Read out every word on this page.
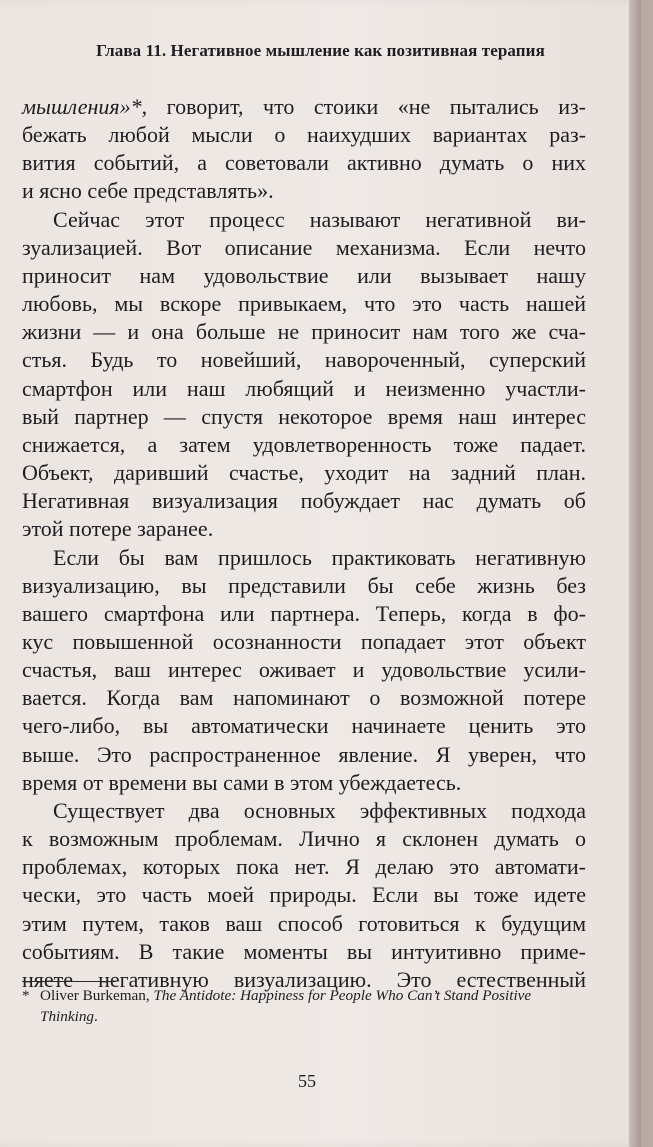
Глава 11. Негативное мышление как позитивная терапия

мышления»*, говорит, что стоики «не пытались из-

бежать любой мысли о наихудших вариантах раз-

вития событий, а советовали активно думать о них

и ясно себе представлять».

Сейчас этот процесс называют негативной ви-

зуализацией. Вот описание механизма. Если нечто

приносит нам удовольствие или вызывает нашу

любовь, мы вскоре привыкаем, что это часть нашей

жизни — и она больше не приносит нам того же сча-

стья. Будь то новейший, навороченный, суперский

смартфон или наш любящий и неизменно участли-

вый партнер — спустя некоторое время наш интерес

снижается, а затем удовлетворенность тоже падает.

Объект, даривший счастье, уходит на задний план.

Негативная визуализация побуждает нас думать об

этой потере заранее.

Если бы вам пришлось практиковать негативную

визуализацию, вы представили бы себе жизнь без

вашего смартфона или партнера. Теперь, когда в фо-

кус повышенной осознанности попадает этот объект

счастья, ваш интерес оживает и удовольствие усили-

вается. Когда вам напоминают о возможной потере

чего-либо, вы автоматически начинаете ценить это

выше. Это распространенное явление. Я уверен, что

время от времени вы сами в этом убеждаетесь.

Существует два основных эффективных подхода

к возможным проблемам. Лично я склонен думать о

проблемах, которых пока нет. Я делаю это автомати-

чески, это часть моей природы. Если вы тоже идете

этим путем, таков ваш способ готовиться к будущим

событиям. В такие моменты вы интуитивно приме-

няете негативную визуализацию. Это естественный

* Oliver Burkeman, The Antidote: Happiness for People Who Can’t Stand Positive
Thinking.
55
